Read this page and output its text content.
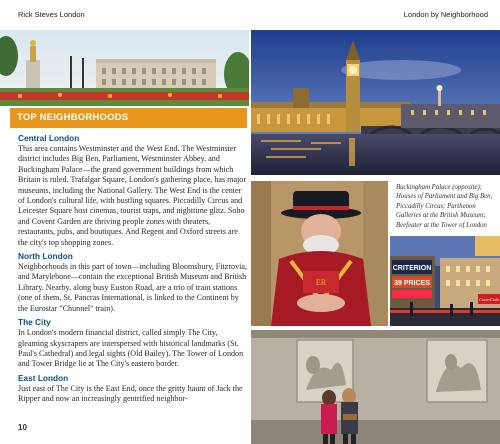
Rick Steves London	London by Neighborhood
ER
CRITERION
39 PRICES
Coca-Cola
Buckingham Palace (opposite); Houses of Parliament and Big Ben; Piccadilly Circus; Parthenon Galleries at the British Museum; Beefeater at the Tower of London
TOP NEIGHBORHOODS
Central London

This area contains Westminster and the West End. The Westminster district includes Big Ben, Parliament, Westminster Abbey, and Buckingham Palace—the grand government buildings from which Britain is ruled. Trafalgar Square, London's gathering place, has major museums, including the National Gallery. The West End is the center of London's cultural life, with bustling squares. Piccadilly Circus and Leicester Square host cinemas, tourist traps, and nighttime glitz. Soho and Covent Garden are thriving people zones with theaters, restaurants, pubs, and boutiques. And Regent and Oxford streets are the city's top shopping zones.

North London

Neighborhoods in this part of town—including Bloomsbury, Fitzrovia, and Marylebone—contain the exceptional British Museum and British Library. Nearby, along busy Euston Road, are a trio of train stations (one of them, St. Pancras International, is linked to the Continent by the Eurostar "Chunnel" train).

The City

In London's modern financial district, called simply The City, gleaming skyscrapers are interspersed with historical landmarks (St. Paul's Cathedral) and legal sights (Old Bailey). The Tower of London and Tower Bridge lie at The City's eastern border.

East London

Just east of The City is the East End, once the gritty haunt of Jack the Ripper and now an increasingly gentrified neighbor-

10
